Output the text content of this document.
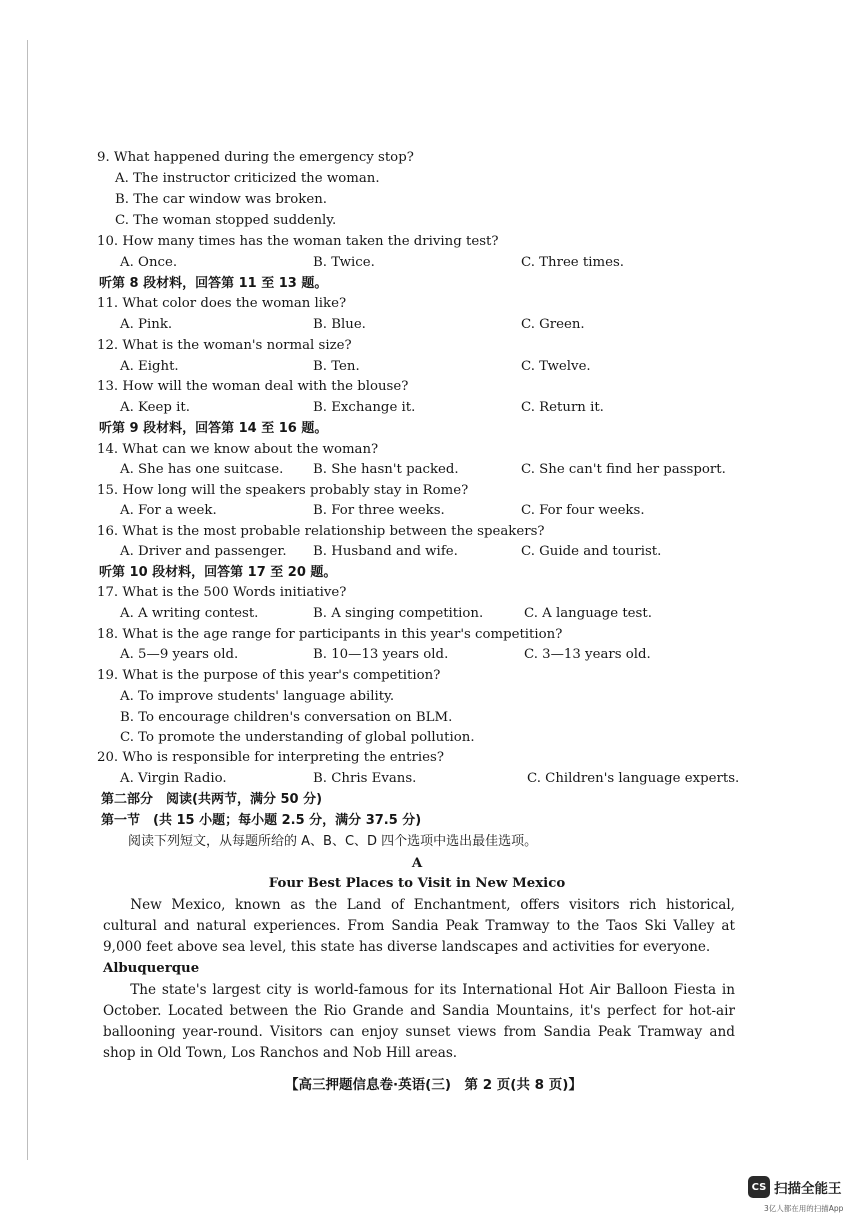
9. What happened during the emergency stop?
A. The instructor criticized the woman.
B. The car window was broken.
C. The woman stopped suddenly.
10. How many times has the woman taken the driving test?
A. Once.	B. Twice.	C. Three times.
听第 8 段材料，回答第 11 至 13 题。
11. What color does the woman like?
A. Pink.	B. Blue.	C. Green.
12. What is the woman's normal size?
A. Eight.	B. Ten.	C. Twelve.
13. How will the woman deal with the blouse?
A. Keep it.	B. Exchange it.	C. Return it.
听第 9 段材料，回答第 14 至 16 题。
14. What can we know about the woman?
A. She has one suitcase. B. She hasn't packed.	C. She can't find her passport.
15. How long will the speakers probably stay in Rome?
A. For a week.	B. For three weeks.	C. For four weeks.
16. What is the most probable relationship between the speakers?
A. Driver and passenger. B. Husband and wife.	C. Guide and tourist.
听第 10 段材料，回答第 17 至 20 题。
17. What is the 500 Words initiative?
A. A writing contest.	B. A singing competition.	C. A language test.
18. What is the age range for participants in this year's competition?
A. 5—9 years old.	B. 10—13 years old.	C. 3—13 years old.
19. What is the purpose of this year's competition?
A. To improve students' language ability.
B. To encourage children's conversation on BLM.
C. To promote the understanding of global pollution.
20. Who is responsible for interpreting the entries?
A. Virgin Radio.	B. Chris Evans.	C. Children's language experts.
第二部分　阅读(共两节，满分 50 分)
第一节　(共 15 小题；每小题 2.5 分，满分 37.5 分)
阅读下列短文，从每题所给的 A、B、C、D 四个选项中选出最佳选项。
A
Four Best Places to Visit in New Mexico

New Mexico, known as the Land of Enchantment, offers visitors rich historical, cultural and natural experiences. From Sandia Peak Tramway to the Taos Ski Valley at 9,000 feet above sea level, this state has diverse landscapes and activities for everyone.

Albuquerque

The state's largest city is world-famous for its International Hot Air Balloon Fiesta in October. Located between the Rio Grande and Sandia Mountains, it's perfect for hot-air ballooning year-round. Visitors can enjoy sunset views from Sandia Peak Tramway and shop in Old Town, Los Ranchos and Nob Hill areas.

【高三押题信息卷·英语(三)　第 2 页(共 8 页)】
CS 扫描全能王
3亿人都在用的扫描App
